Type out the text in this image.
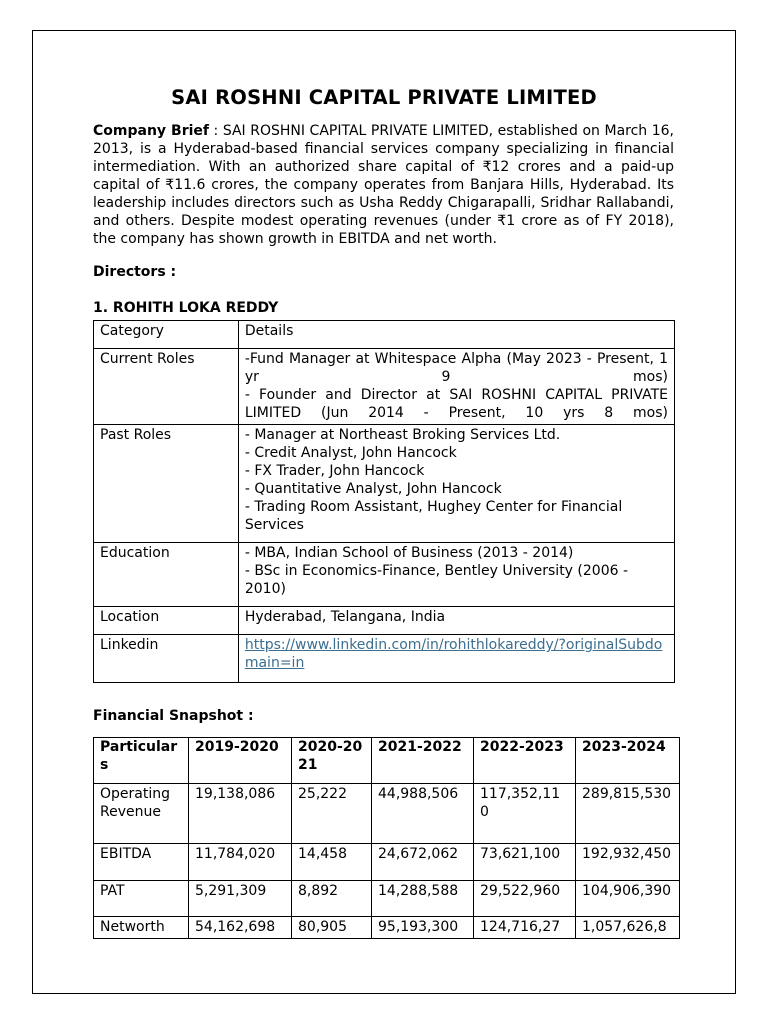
SAI ROSHNI CAPITAL PRIVATE LIMITED
Company Brief : SAI ROSHNI CAPITAL PRIVATE LIMITED, established on March 16, 2013, is a Hyderabad-based financial services company specializing in financial intermediation. With an authorized share capital of ₹12 crores and a paid-up capital of ₹11.6 crores, the company operates from Banjara Hills, Hyderabad. Its leadership includes directors such as Usha Reddy Chigarapalli, Sridhar Rallabandi, and others. Despite modest operating revenues (under ₹1 crore as of FY 2018), the company has shown growth in EBITDA and net worth.
Directors :
1. ROHITH LOKA REDDY
Category	Details
Current Roles	-Fund Manager at Whitespace Alpha (May 2023 - Present, 1 yr 9 mos)
- Founder and Director at SAI ROSHNI CAPITAL PRIVATE LIMITED (Jun 2014 - Present, 10 yrs 8 mos)

Past Roles	- Manager at Northeast Broking Services Ltd.
- Credit Analyst, John Hancock
- FX Trader, John Hancock
- Quantitative Analyst, John Hancock
- Trading Room Assistant, Hughey Center for Financial Services

Education	- MBA, Indian School of Business (2013 - 2014)
- BSc in Economics-Finance, Bentley University (2006 - 2010)

Location	Hyderabad, Telangana, India
Linkedin	https://www.linkedin.com/in/rohithlokareddy/?originalSubdomain=in
Financial Snapshot :
Particulars	2019-2020	2020-2021	2021-2022	2022-2023	2023-2024
Operating Revenue	19,138,086	25,222	44,988,506	117,352,110	289,815,530
EBITDA	11,784,020	14,458	24,672,062	73,621,100	192,932,450
PAT	5,291,309	8,892	14,288,588	29,522,960	104,906,390
Networth	54,162,698	80,905	95,193,300	124,716,27	1,057,626,8
